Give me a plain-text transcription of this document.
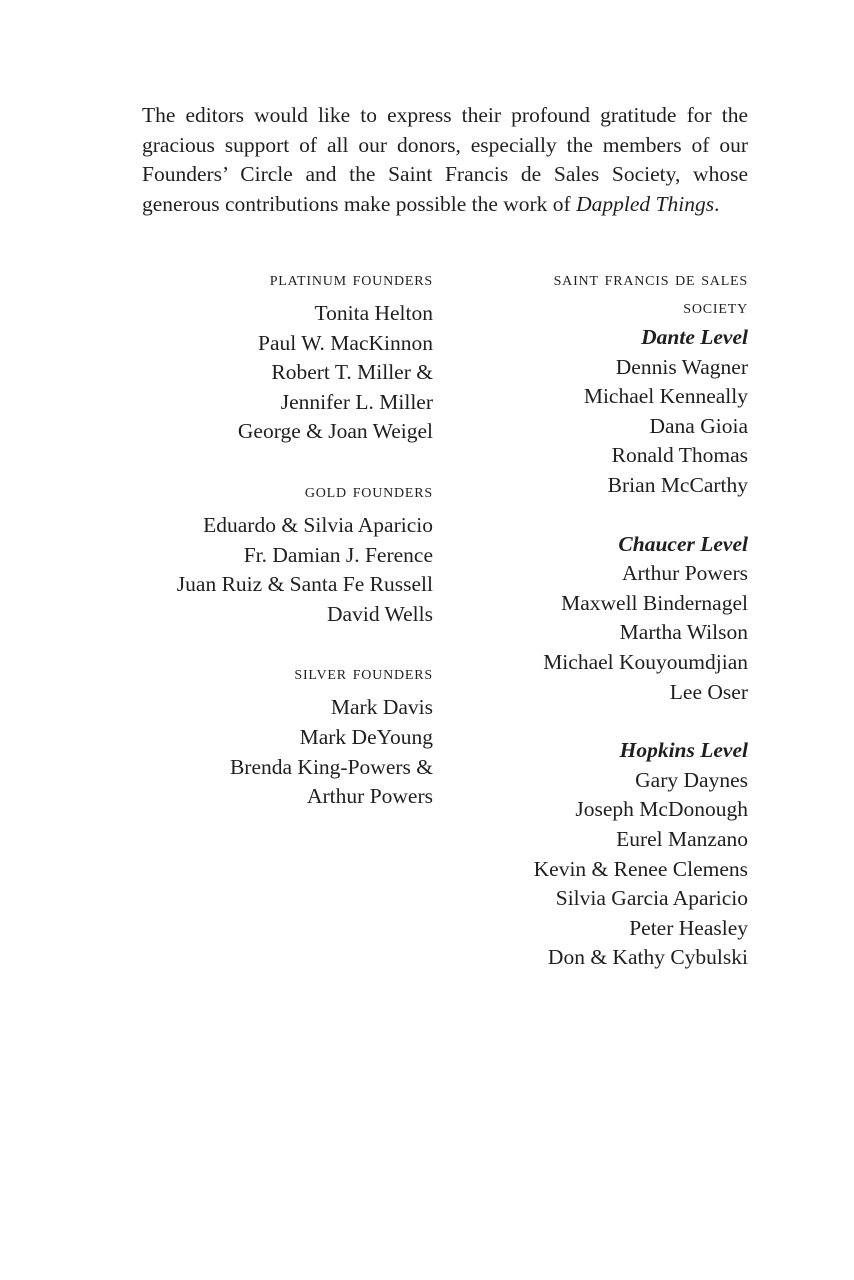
The editors would like to express their profound gratitude for the gracious support of all our donors, especially the members of our Founders’ Circle and the Saint Francis de Sales Society, whose generous contributions make possible the work of Dappled Things.

platinum founders
Tonita Helton
Paul W. MacKinnon
Robert T. Miller &
Jennifer L. Miller
George & Joan Weigel
gold founders
Eduardo & Silvia Aparicio
Fr. Damian J. Ference
Juan Ruiz & Santa Fe Russell
David Wells
silver founders
Mark Davis
Mark DeYoung
Brenda King-Powers &
Arthur Powers
saint francis de sales
society
Dante Level
Dennis Wagner
Michael Kenneally
Dana Gioia
Ronald Thomas
Brian McCarthy
Chaucer Level
Arthur Powers
Maxwell Bindernagel
Martha Wilson
Michael Kouyoumdjian
Lee Oser
Hopkins Level
Gary Daynes
Joseph McDonough
Eurel Manzano
Kevin & Renee Clemens
Silvia Garcia Aparicio
Peter Heasley
Don & Kathy Cybulski
